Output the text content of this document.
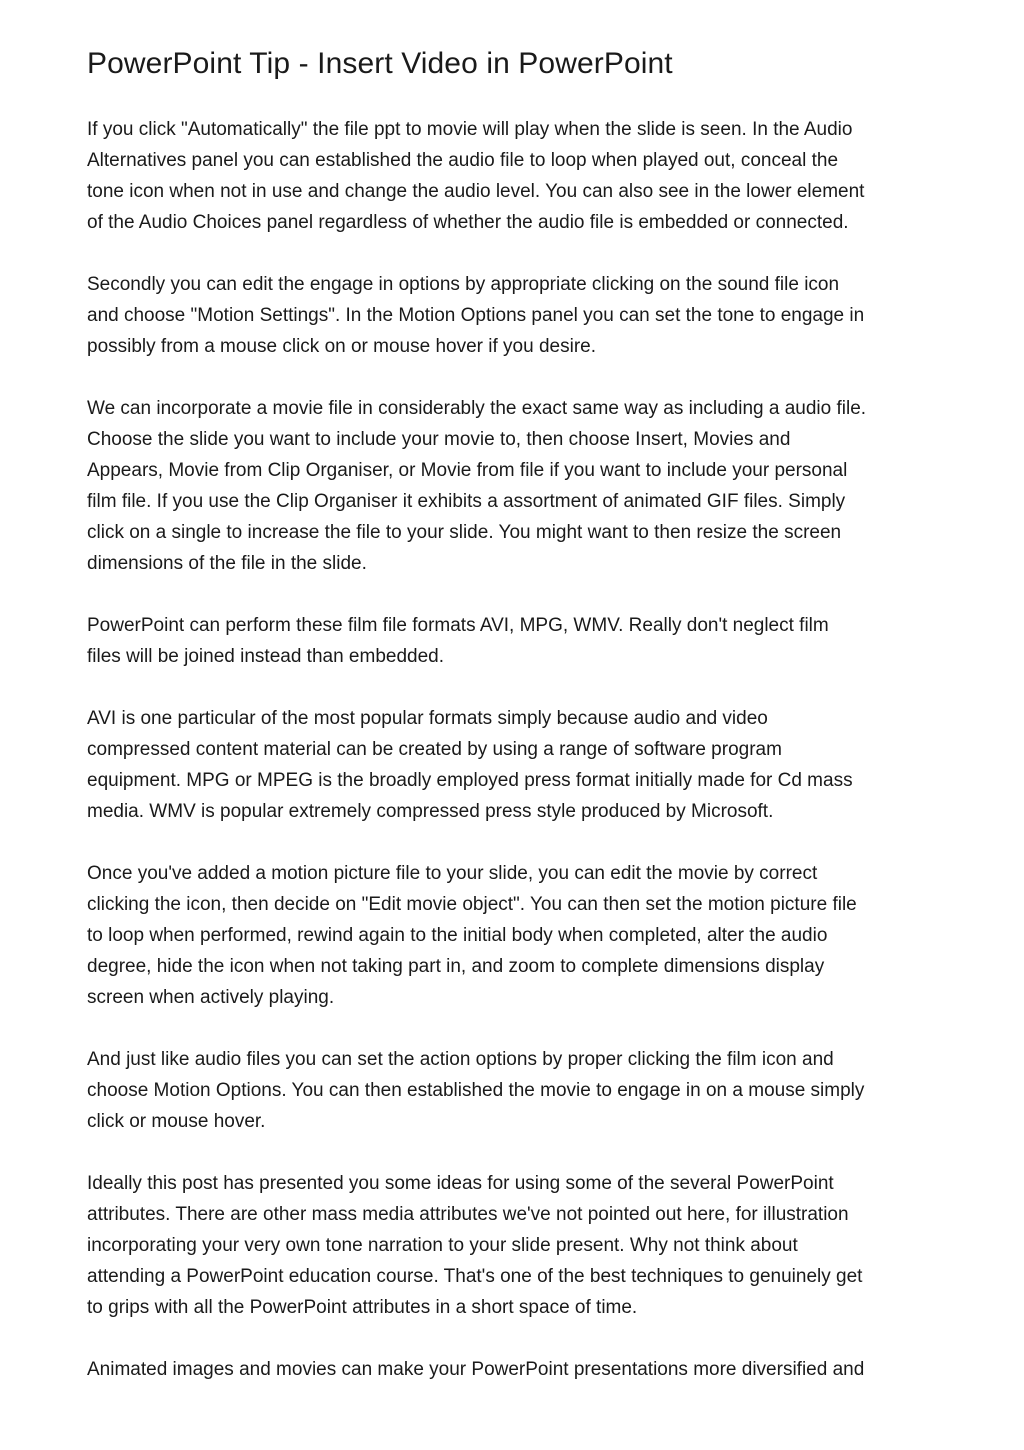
PowerPoint Tip - Insert Video in PowerPoint

If you click "Automatically" the file ppt to movie will play when the slide is seen. In the Audio
Alternatives panel you can established the audio file to loop when played out, conceal the
tone icon when not in use and change the audio level. You can also see in the lower element
of the Audio Choices panel regardless of whether the audio file is embedded or connected.

Secondly you can edit the engage in options by appropriate clicking on the sound file icon
and choose "Motion Settings". In the Motion Options panel you can set the tone to engage in
possibly from a mouse click on or mouse hover if you desire.

We can incorporate a movie file in considerably the exact same way as including a audio file.
Choose the slide you want to include your movie to, then choose Insert, Movies and
Appears, Movie from Clip Organiser, or Movie from file if you want to include your personal
film file. If you use the Clip Organiser it exhibits a assortment of animated GIF files. Simply
click on a single to increase the file to your slide. You might want to then resize the screen
dimensions of the file in the slide.

PowerPoint can perform these film file formats AVI, MPG, WMV. Really don't neglect film
files will be joined instead than embedded.

AVI is one particular of the most popular formats simply because audio and video
compressed content material can be created by using a range of software program
equipment. MPG or MPEG is the broadly employed press format initially made for Cd mass
media. WMV is popular extremely compressed press style produced by Microsoft.

Once you've added a motion picture file to your slide, you can edit the movie by correct
clicking the icon, then decide on "Edit movie object". You can then set the motion picture file
to loop when performed, rewind again to the initial body when completed, alter the audio
degree, hide the icon when not taking part in, and zoom to complete dimensions display
screen when actively playing.

And just like audio files you can set the action options by proper clicking the film icon and
choose Motion Options. You can then established the movie to engage in on a mouse simply
click or mouse hover.

Ideally this post has presented you some ideas for using some of the several PowerPoint
attributes. There are other mass media attributes we've not pointed out here, for illustration
incorporating your very own tone narration to your slide present. Why not think about
attending a PowerPoint education course. That's one of the best techniques to genuinely get
to grips with all the PowerPoint attributes in a short space of time.

Animated images and movies can make your PowerPoint presentations more diversified and
